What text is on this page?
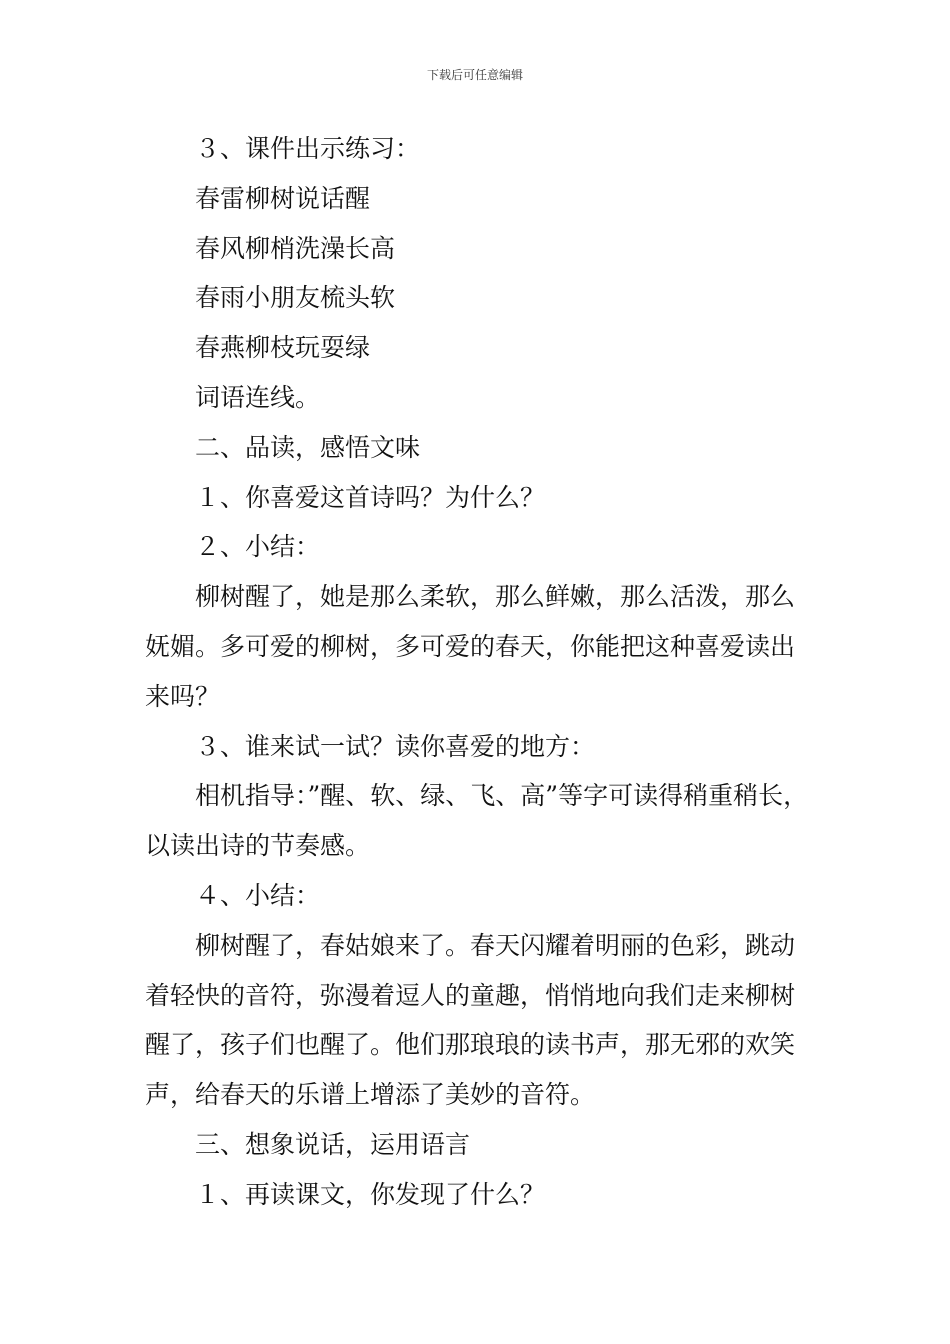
下载后可任意编辑

３、课件出示练习：

春雷柳树说话醒

春风柳梢洗澡长高

春雨小朋友梳头软

春燕柳枝玩耍绿

词语连线。

二、品读，感悟文味

１、你喜爱这首诗吗？为什么？

２、小结：

柳树醒了，她是那么柔软，那么鲜嫩，那么活泼，那么妩媚。多可爱的柳树，多可爱的春天，你能把这种喜爱读出来吗？

３、谁来试一试？读你喜爱的地方：

相机指导：”醒、软、绿、飞、高”等字可读得稍重稍长，以读出诗的节奏感。

４、小结：

柳树醒了，春姑娘来了。春天闪耀着明丽的色彩，跳动着轻快的音符，弥漫着逗人的童趣，悄悄地向我们走来柳树醒了，孩子们也醒了。他们那琅琅的读书声，那无邪的欢笑声，给春天的乐谱上增添了美妙的音符。

三、想象说话，运用语言

１、再读课文，你发现了什么？
